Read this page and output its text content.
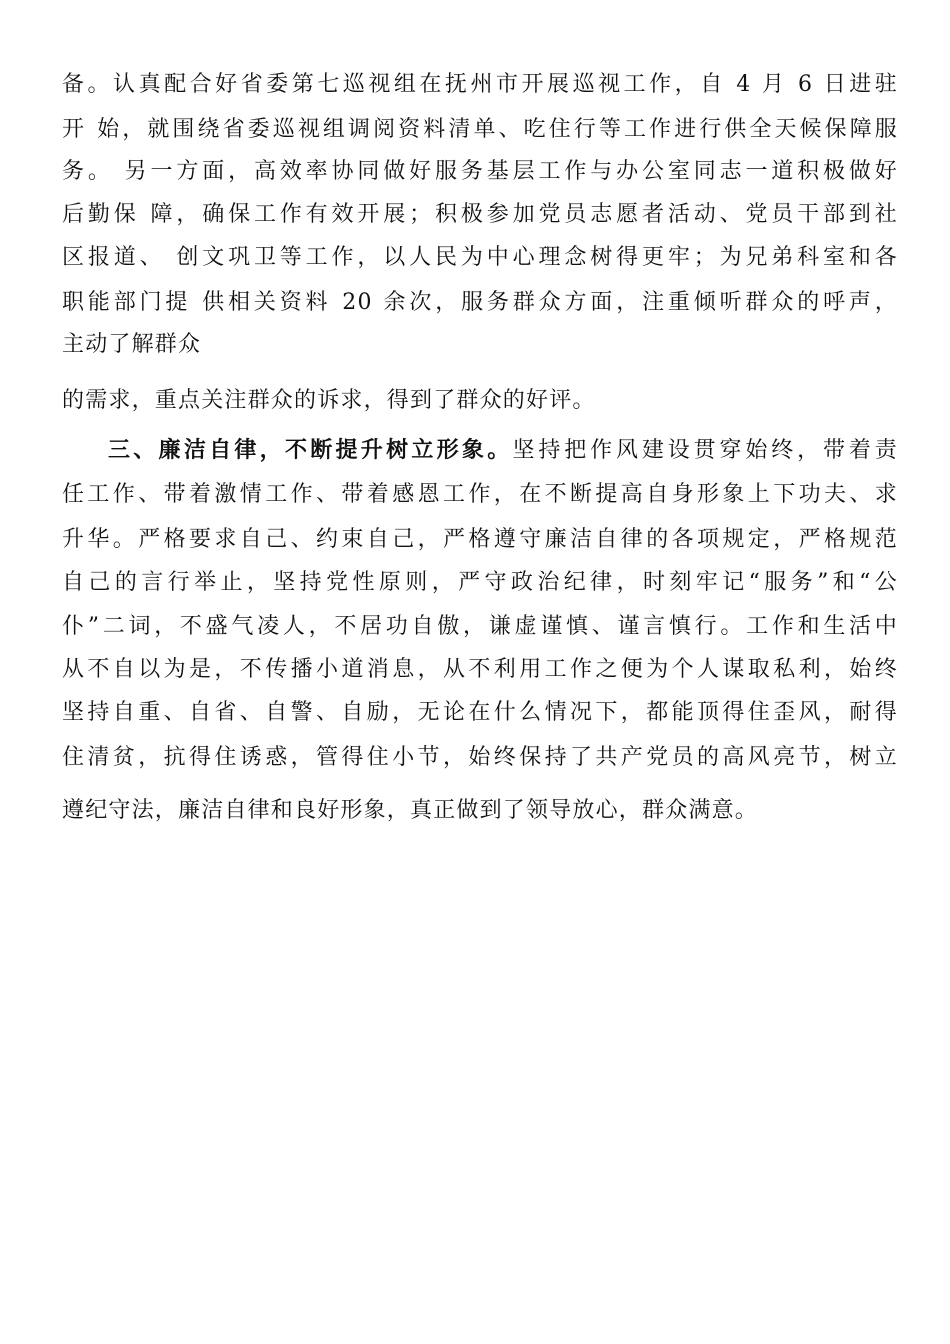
备。认真配合好省委第七巡视组在抚州市开展巡视工作，自 4 月 6 日进驻
开 始，就围绕省委巡视组调阅资料清单、吃住行等工作进行供全天候保障服
务。 另一方面，高效率协同做好服务基层工作与办公室同志一道积极做好
后勤保 障，确保工作有效开展；积极参加党员志愿者活动、党员干部到社
区报道、 创文巩卫等工作，以人民为中心理念树得更牢；为兄弟科室和各
职能部门提 供相关资料 20 余次，服务群众方面，注重倾听群众的呼声，
主动了解群众
的需求，重点关注群众的诉求，得到了群众的好评。
三、廉洁自律，不断提升树立形象。坚持把作风建设贯穿始终，带着责
任工作、带着激情工作、带着感恩工作，在不断提高自身形象上下功夫、求
升华。严格要求自己、约束自己，严格遵守廉洁自律的各项规定，严格规范
自己的言行举止，坚持党性原则，严守政治纪律，时刻牢记“服务”和“公
仆”二词，不盛气凌人，不居功自傲，谦虚谨慎、谨言慎行。工作和生活中
从不自以为是，不传播小道消息，从不利用工作之便为个人谋取私利，始终
坚持自重、自省、自警、自励，无论在什么情况下，都能顶得住歪风，耐得
住清贫，抗得住诱惑，管得住小节，始终保持了共产党员的高风亮节，树立
遵纪守法，廉洁自律和良好形象，真正做到了领导放心，群众满意。
